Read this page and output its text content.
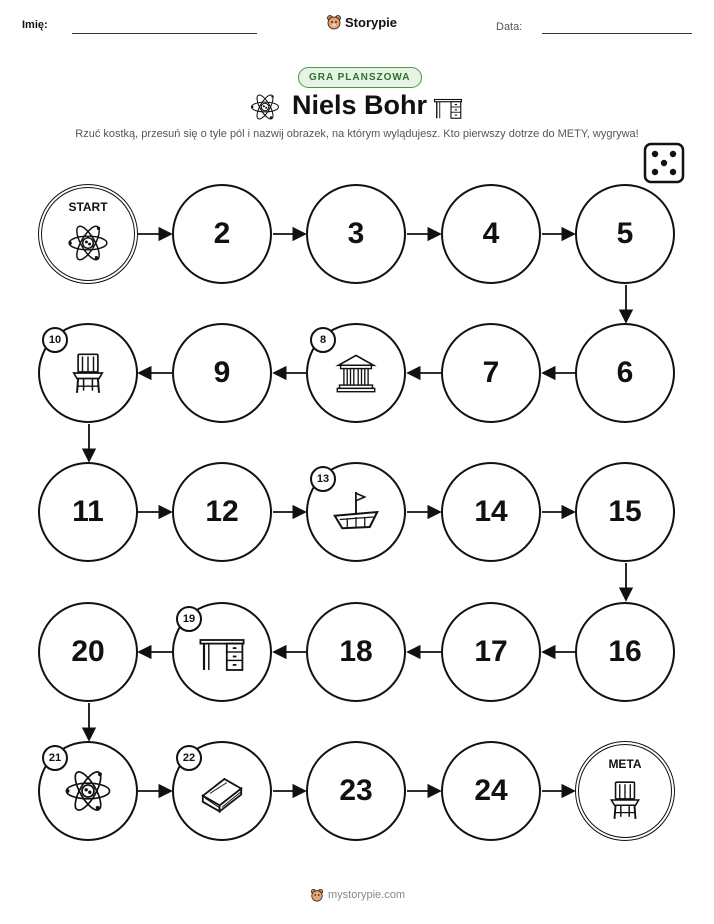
Imię:	Storypie	Data:
GRA PLANSZOWA
Niels Bohr
Rzuć kostką, przesuń się o tyle pól i nazwij obrazek, na którym wylądujesz. Kto pierwszy dotrze do METY, wygrywa!
START
2	3	4	5
10
9
8
7	6
11	12
13
14	15
20
19
18	17	16
21	22
23	24
META
mystorypie.com
